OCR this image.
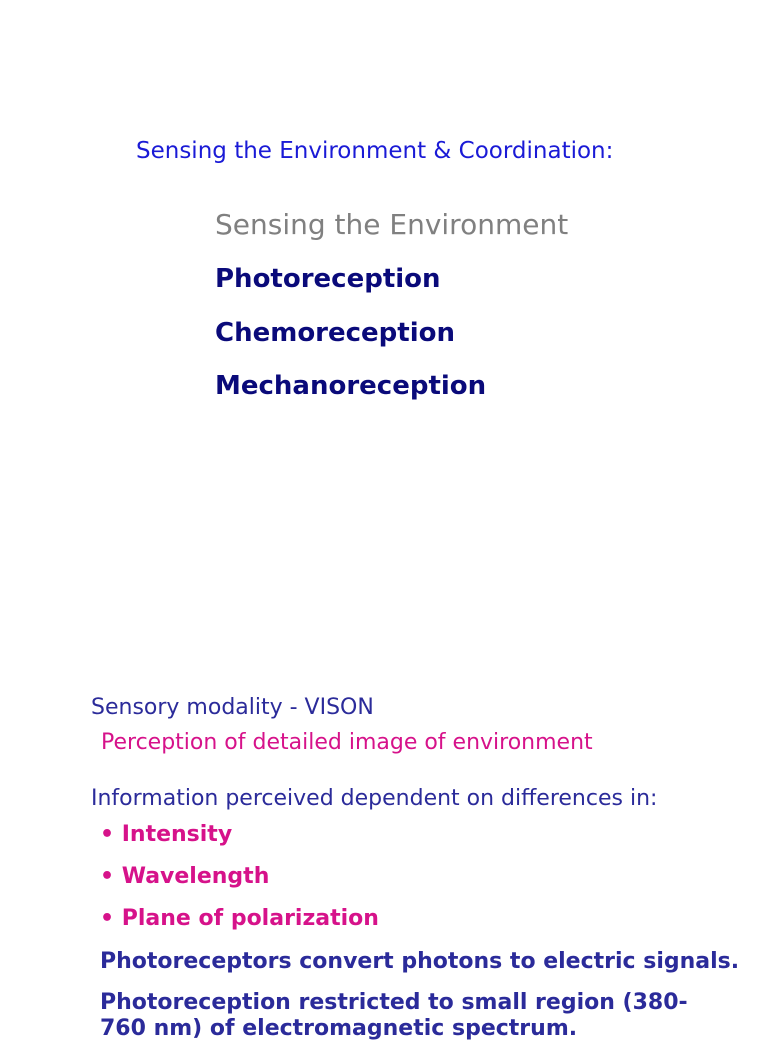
Sensing the Environment & Coordination:
Sensing the Environment
Photoreception
Chemoreception
Mechanoreception
Sensory modality - VISON
Perception of detailed image of environment
Information perceived dependent on differences in:
• Intensity
• Wavelength
• Plane of polarization
Photoreceptors convert photons to electric signals.
Photoreception restricted to small region (380-
760 nm) of electromagnetic spectrum.
